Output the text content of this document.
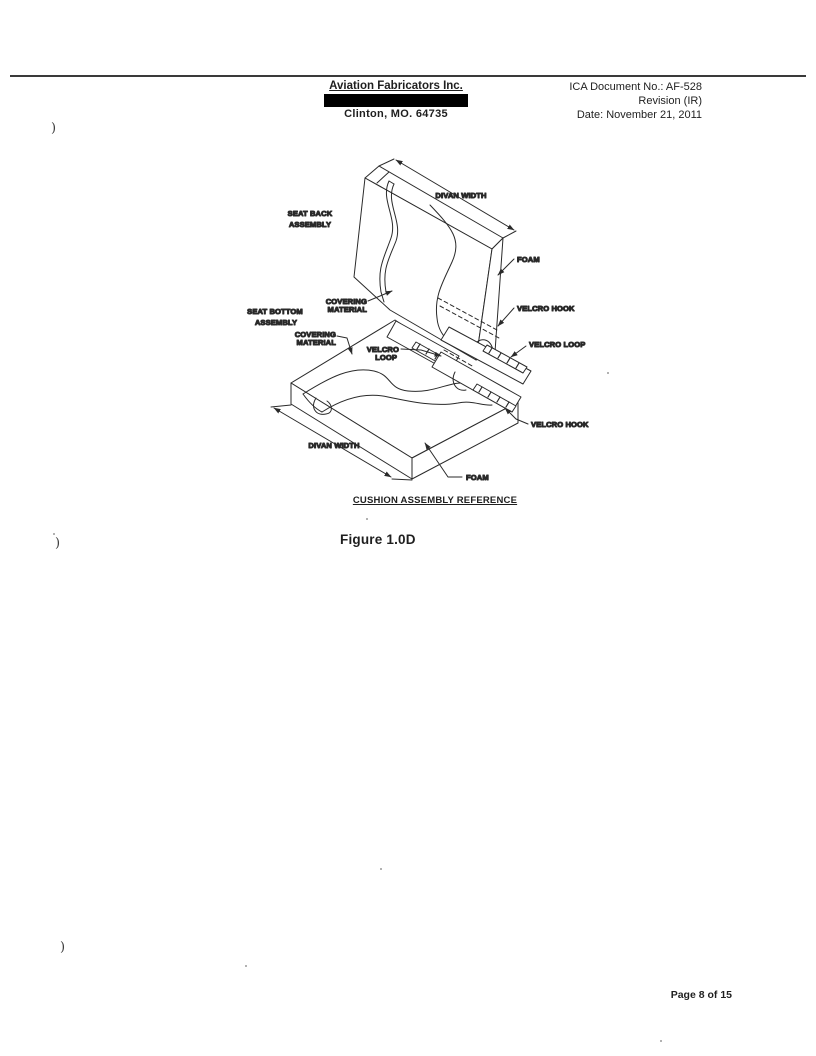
Aviation Fabricators Inc.
Clinton, MO. 64735
ICA Document No.: AF-528
Revision (IR)
Date: November 21, 2011
DIVAN WIDTH
DIVAN WIDTH
SEAT BACK
ASSEMBLY
SEAT BOTTOM
ASSEMBLY
COVERING
MATERIAL
FOAM
VELCRO HOOK
VELCRO LOOP
VELCRO
LOOP
COVERING
MATERIAL
VELCRO HOOK
FOAM
CUSHION ASSEMBLY REFERENCE
Figure 1.0D
Page 8 of 15
)
)
)
